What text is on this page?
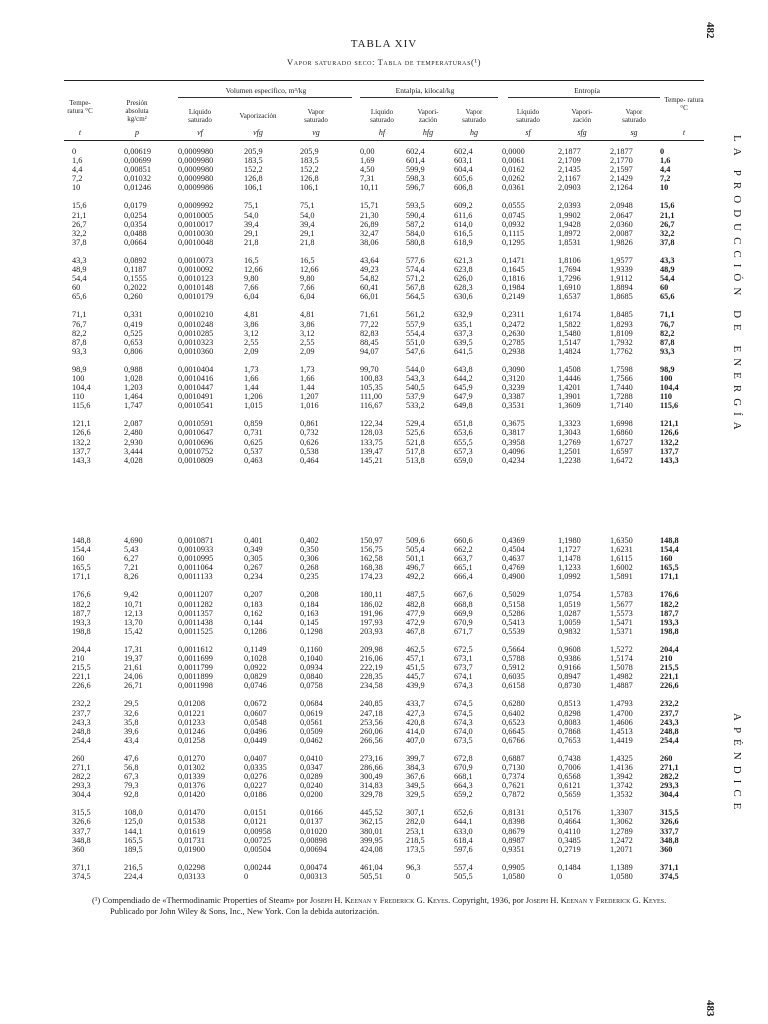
482
TABLA XIV
Vapor saturado seco: Tabla de temperaturas(¹)
LA PRODUCCIÓN DE ENERGÍA
APÉNDICE
Tempe- ratura °C
Presión absoluta kg/cm²
Volumen específico, m³/kg	Entalpía, kilocal/kg	Entropía
Líquido saturado	Vaporización	Vapor saturado
Líquido saturado
Vapori- zación
Vapor saturado
Líquido saturado
Vapori- zación
Vapor saturado
Tempe- ratura °C
t	p	vf	vfg	vg	hf	hfg	hg	sf	sfg	sg	t
0	0,00619	0,0009980	205,9	205,9	0,00	602,4	602,4	0,0000	2,1877	2,1877	0
1,6	0,00699	0,0009980	183,5	183,5	1,69	601,4	603,1	0,0061	2,1709	2,1770	1,6
4,4	0,00851	0,0009980	152,2	152,2	4,50	599,9	604,4	0,0162	2,1435	2,1597	4,4
7,2	0,01032	0,0009980	126,8	126,8	7,31	598,3	605,6	0,0262	2,1167	2,1429	7,2
10	0,01246	0,0009986	106,1	106,1	10,11	596,7	606,8	0,0361	2,0903	2,1264	10

15,6	0,0179	0,0009992	75,1	75,1	15,71	593,5	609,2	0,0555	2,0393	2,0948	15,6
21,1	0,0254	0,0010005	54,0	54,0	21,30	590,4	611,6	0,0745	1,9902	2,0647	21,1
26,7	0,0354	0,0010017	39,4	39,4	26,89	587,2	614,0	0,0932	1,9428	2,0360	26,7
32,2	0,0488	0,0010030	29,1	29,1	32,47	584,0	616,5	0,1115	1,8972	2,0087	32,2
37,8	0,0664	0,0010048	21,8	21,8	38,06	580,8	618,9	0,1295	1,8531	1,9826	37,8

43,3	0,0892	0,0010073	16,5	16,5	43,64	577,6	621,3	0,1471	1,8106	1,9577	43,3
48,9	0,1187	0,0010092	12,66	12,66	49,23	574,4	623,8	0,1645	1,7694	1,9339	48,9
54,4	0,1555	0,0010123	9,80	9,80	54,82	571,2	626,0	0,1816	1,7296	1,9112	54,4
60	0,2022	0,0010148	7,66	7,66	60,41	567,8	628,3	0,1984	1,6910	1,8894	60
65,6	0,260	0,0010179	6,04	6,04	66,01	564,5	630,6	0,2149	1,6537	1,8685	65,6

71,1	0,331	0,0010210	4,81	4,81	71,61	561,2	632,9	0,2311	1,6174	1,8485	71,1
76,7	0,419	0,0010248	3,86	3,86	77,22	557,9	635,1	0,2472	1,5822	1,8293	76,7
82,2	0,525	0,0010285	3,12	3,12	82,83	554,4	637,3	0,2630	1,5480	1,8109	82,2
87,8	0,653	0,0010323	2,55	2,55	88,45	551,0	639,5	0,2785	1,5147	1,7932	87,8
93,3	0,806	0,0010360	2,09	2,09	94,07	547,6	641,5	0,2938	1,4824	1,7762	93,3

98,9	0,988	0,0010404	1,73	1,73	99,70	544,0	643,8	0,3090	1,4508	1,7598	98,9
100	1,028	0,0010416	1,66	1,66	100,83	543,3	644,2	0,3120	1,4446	1,7566	100
104,4	1,203	0,0010447	1,44	1,44	105,35	540,5	645,9	0,3239	1,4201	1,7440	104,4
110	1,464	0,0010491	1,206	1,207	111,00	537,9	647,9	0,3387	1,3901	1,7288	110
115,6	1,747	0,0010541	1,015	1,016	116,67	533,2	649,8	0,3531	1,3609	1,7140	115,6

121,1	2,087	0,0010591	0,859	0,861	122,34	529,4	651,8	0,3675	1,3323	1,6998	121,1
126,6	2,480	0,0010647	0,731	0,732	128,03	525,6	653,6	0,3817	1,3043	1,6860	126,6
132,2	2,930	0,0010696	0,625	0,626	133,75	521,8	655,5	0,3958	1,2769	1,6727	132,2
137,7	3,444	0,0010752	0,537	0,538	139,47	517,8	657,3	0,4096	1,2501	1,6597	137,7
143,3	4,028	0,0010809	0,463	0,464	145,21	513,8	659,0	0,4234	1,2238	1,6472	143,3
148,8	4,690	0,0010871	0,401	0,402	150,97	509,6	660,6	0,4369	1,1980	1,6350	148,8
154,4	5,43	0,0010933	0,349	0,350	156,75	505,4	662,2	0,4504	1,1727	1,6231	154,4
160	6,27	0,0010995	0,305	0,306	162,58	501,1	663,7	0,4637	1,1478	1,6115	160
165,5	7,21	0,0011064	0,267	0,268	168,38	496,7	665,1	0,4769	1,1233	1,6002	165,5
171,1	8,26	0,0011133	0,234	0,235	174,23	492,2	666,4	0,4900	1,0992	1,5891	171,1

176,6	9,42	0,0011207	0,207	0,208	180,11	487,5	667,6	0,5029	1,0754	1,5783	176,6
182,2	10,71	0,0011282	0,183	0,184	186,02	482,8	668,8	0,5158	1,0519	1,5677	182,2
187,7	12,13	0,0011357	0,162	0,163	191,96	477,9	669,9	0,5286	1,0287	1,5573	187,7
193,3	13,70	0,0011438	0,144	0,145	197,93	472,9	670,9	0,5413	1,0059	1,5471	193,3
198,8	15,42	0,0011525	0,1286	0,1298	203,93	467,8	671,7	0,5539	0,9832	1,5371	198,8

204,4	17,31	0,0011612	0,1149	0,1160	209,98	462,5	672,5	0,5664	0,9608	1,5272	204,4
210	19,37	0,0011699	0,1028	0,1040	216,06	457,1	673,1	0,5788	0,9386	1,5174	210
215,5	21,61	0,0011799	0,0922	0,0934	222,19	451,5	673,7	0,5912	0,9166	1,5078	215,5
221,1	24,06	0,0011899	0,0829	0,0840	228,35	445,7	674,1	0,6035	0,8947	1,4982	221,1
226,6	26,71	0,0011998	0,0746	0,0758	234,58	439,9	674,3	0,6158	0,8730	1,4887	226,6

232,2	29,5	0,01208	0,0672	0,0684	240,85	433,7	674,5	0,6280	0,8513	1,4793	232,2
237,7	32,6	0,01221	0,0607	0,0619	247,18	427,3	674,5	0,6402	0,8298	1,4700	237,7
243,3	35,8	0,01233	0,0548	0,0561	253,56	420,8	674,3	0,6523	0,8083	1,4606	243,3
248,8	39,6	0,01246	0,0496	0,0509	260,06	414,0	674,0	0,6645	0,7868	1,4513	248,8
254,4	43,4	0,01258	0,0449	0,0462	266,56	407,0	673,5	0,6766	0,7653	1,4419	254,4

260	47,6	0,01270	0,0407	0,0410	273,16	399,7	672,8	0,6887	0,7438	1,4325	260
271,1	56,8	0,01302	0,0335	0,0347	286,66	384,3	670,9	0,7130	0,7006	1,4136	271,1
282,2	67,3	0,01339	0,0276	0,0289	300,49	367,6	668,1	0,7374	0,6568	1,3942	282,2
293,3	79,3	0,01376	0,0227	0,0240	314,83	349,5	664,3	0,7621	0,6121	1,3742	293,3
304,4	92,8	0,01420	0,0186	0,0200	329,78	329,5	659,2	0,7872	0,5659	1,3532	304,4

315,5	108,0	0,01470	0,0151	0,0166	445,52	307,1	652,6	0,8131	0,5176	1,3307	315,5
326,6	125,0	0,01538	0,0121	0,0137	362,15	282,0	644,1	0,8398	0,4664	1,3062	326,6
337,7	144,1	0,01619	0,00958	0,01020	380,01	253,1	633,0	0,8679	0,4110	1,2789	337,7
348,8	165,5	0,01731	0,00725	0,00898	399,95	218,5	618,4	0,8987	0,3485	1,2472	348,8
360	189,5	0,01900	0,00504	0,00694	424,08	173,5	597,6	0,9351	0,2719	1,2071	360

371,1	216,5	0,02298	0,00244	0,00474	461,04	96,3	557,4	0,9905	0,1484	1,1389	371,1
374,5	224,4	0,03133	0	0,00313	505,51	0	505,5	1,0580	0	1,0580	374,5
(¹) Compendiado de «Thermodinamic Properties of Steam» por Joseph H. Keenan y Frederick G. Keyes. Copyright, 1936, por Joseph H. Keenan y Frederick G. Keyes.
Publicado por John Wiley & Sons, Inc., New York. Con la debida autorización.
483
